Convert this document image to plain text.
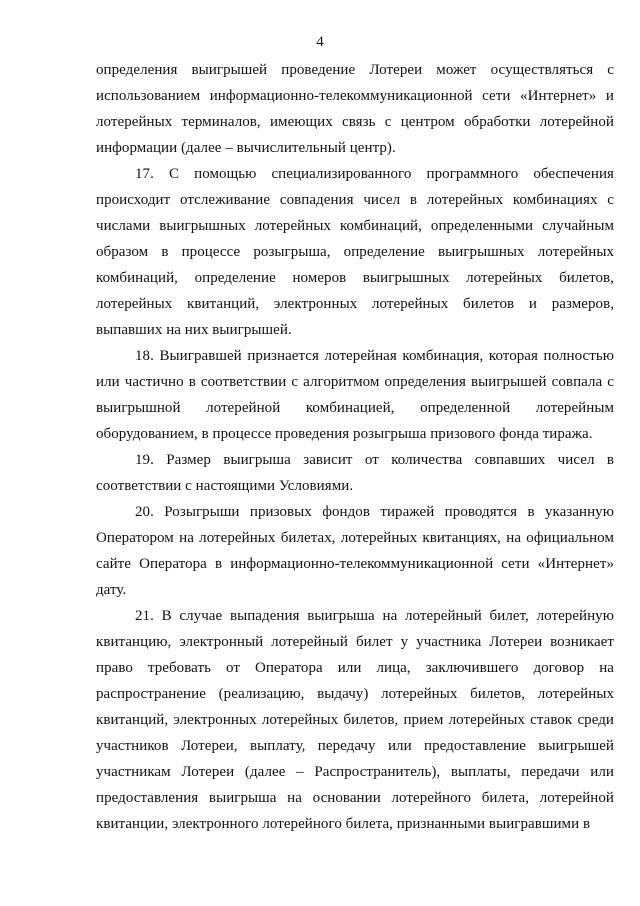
4

определения выигрышей проведение Лотереи может осуществляться с использованием информационно-телекоммуникационной сети «Интернет» и лотерейных терминалов, имеющих связь с центром обработки лотерейной информации (далее – вычислительный центр).

17. С помощью специализированного программного обеспечения происходит отслеживание совпадения чисел в лотерейных комбинациях с числами выигрышных лотерейных комбинаций, определенными случайным образом в процессе розыгрыша, определение выигрышных лотерейных комбинаций, определение номеров выигрышных лотерейных билетов, лотерейных квитанций, электронных лотерейных билетов и размеров, выпавших на них выигрышей.

18. Выигравшей признается лотерейная комбинация, которая полностью или частично в соответствии с алгоритмом определения выигрышей совпала с выигрышной лотерейной комбинацией, определенной лотерейным оборудованием, в процессе проведения розыгрыша призового фонда тиража.

19. Размер выигрыша зависит от количества совпавших чисел в соответствии с настоящими Условиями.

20. Розыгрыши призовых фондов тиражей проводятся в указанную Оператором на лотерейных билетах, лотерейных квитанциях, на официальном сайте Оператора в информационно-телекоммуникационной сети «Интернет» дату.

21. В случае выпадения выигрыша на лотерейный билет, лотерейную квитанцию, электронный лотерейный билет у участника Лотереи возникает право требовать от Оператора или лица, заключившего договор на распространение (реализацию, выдачу) лотерейных билетов, лотерейных квитанций, электронных лотерейных билетов, прием лотерейных ставок среди участников Лотереи, выплату, передачу или предоставление выигрышей участникам Лотереи (далее – Распространитель), выплаты, передачи или предоставления выигрыша на основании лотерейного билета, лотерейной квитанции, электронного лотерейного билета, признанными выигравшими в
